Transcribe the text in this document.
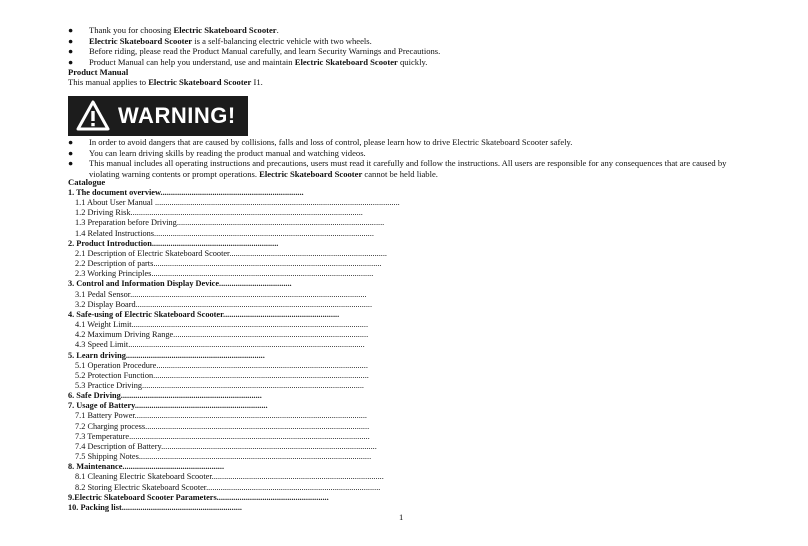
● Thank you for choosing Electric Skateboard Scooter.
● Electric Skateboard Scooter is a self-balancing electric vehicle with two wheels.
● Before riding, please read the Product Manual carefully, and learn Security Warnings and Precautions.
● Product Manual can help you understand, use and maintain Electric Skateboard Scooter quickly.
Product Manual
This manual applies to Electric Skateboard Scooter I1.
WARNING!
● In order to avoid dangers that are caused by collisions, falls and loss of control, please learn how to drive Electric Skateboard Scooter safely.
● You can learn driving skills by reading the product manual and watching videos.
● This manual includes all operating instructions and precautions, users must read it carefully and follow the instructions. All users are responsible for any consequences that are caused by violating warning contents or prompt operations. Electric Skateboard Scooter cannot be held liable.
Catalogue
1. The document overview.....................................................................
1.1 About User Manual ......................................................................................................................
1.2 Driving Risk................................................................................................................
1.3 Preparation before Driving....................................................................................................
1.4 Related Instructions..........................................................................................................
2. Product Introduction.............................................................
2.1 Description of Electric Skateboard Scooter............................................................................
2.2 Description of parts..............................................................................................................
2.3 Working Principles...........................................................................................................
3. Control and Information Display Device...................................
3.1 Pedal Sensor..................................................................................................................
3.2 Display Board..................................................................................................................
4. Safe-using of Electric Skateboard Scooter........................................................
4.1 Weight Limit..................................................................................................................
4.2 Maximum Driving Range..............................................................................................
4.3 Speed Limit..................................................................................................................
5. Learn driving...................................................................
5.1 Operation Procedure......................................................................................................
5.2 Protection Function........................................................................................................
5.3 Practice Driving...........................................................................................................
6. Safe Driving....................................................................
7. Usage of Battery................................................................
7.1 Battery Power................................................................................................................
7.2 Charging process............................................................................................................
7.3 Temperature....................................................................................................................
7.4 Description of Battery........................................................................................................
7.5 Shipping Notes................................................................................................................
8. Maintenance.................................................
8.1 Cleaning Electric Skateboard Scooter...................................................................................
8.2 Storing Electric Skateboard Scooter....................................................................................
9.Electric Skateboard Scooter Parameters......................................................
10. Packing list..........................................................
1
